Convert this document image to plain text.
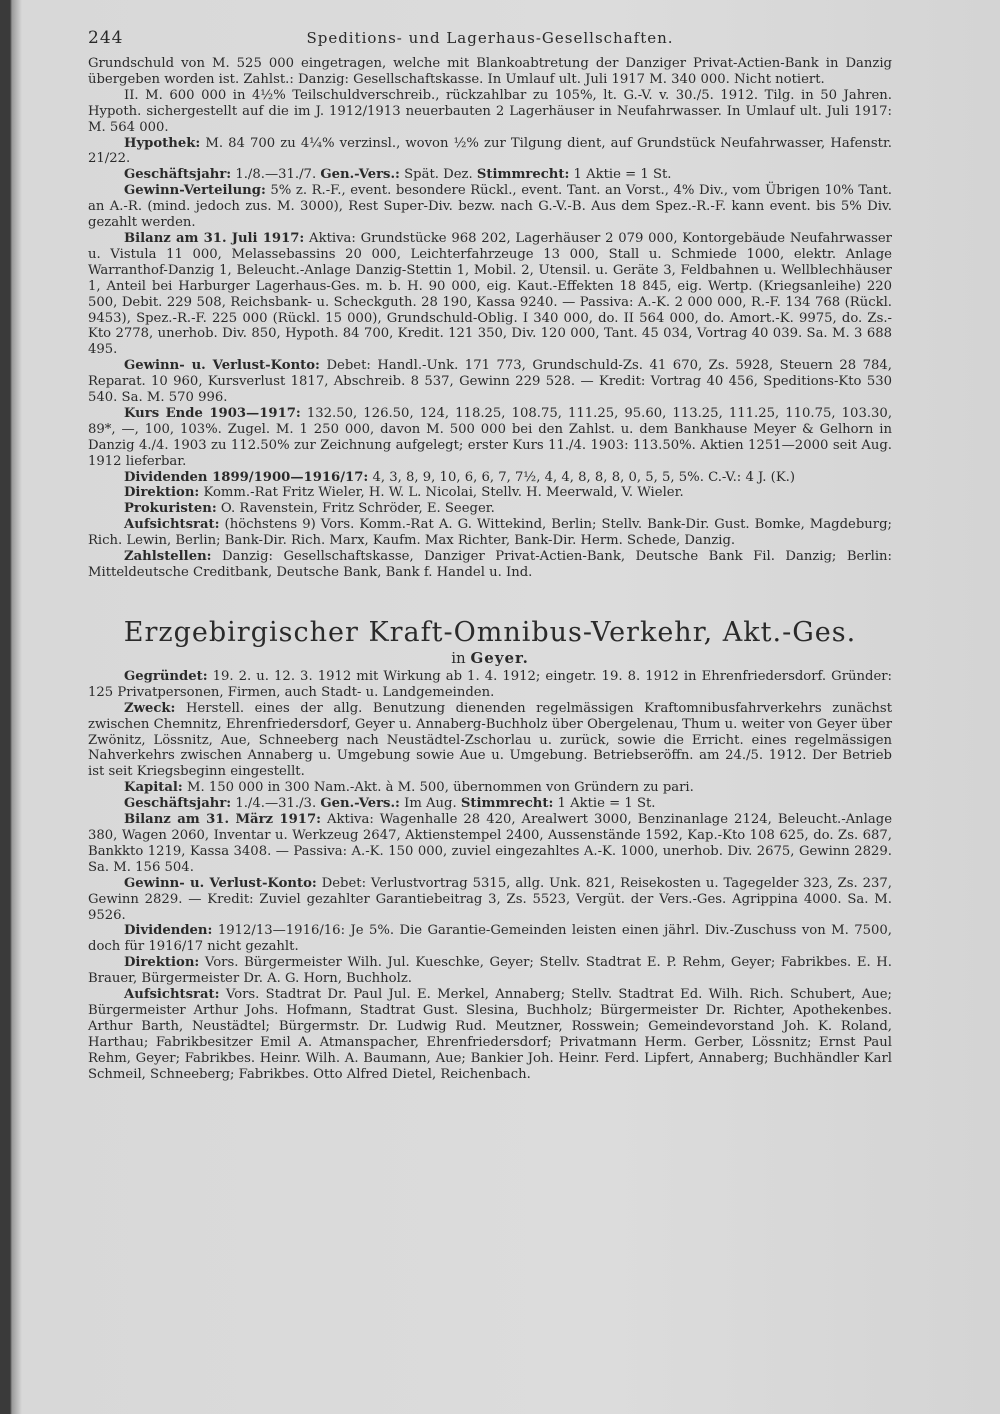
244	Speditions- und Lagerhaus-Gesellschaften.

Grundschuld von M. 525 000 eingetragen, welche mit Blankoabtretung der Danziger Privat-Actien-Bank in Danzig übergeben worden ist. Zahlst.: Danzig: Gesellschaftskasse. In Umlauf ult. Juli 1917 M. 340 000. Nicht notiert.

II. M. 600 000 in 4½% Teilschuldverschreib., rückzahlbar zu 105%, lt. G.-V. v. 30./5. 1912. Tilg. in 50 Jahren. Hypoth. sichergestellt auf die im J. 1912/1913 neuerbauten 2 Lagerhäuser in Neufahrwasser. In Umlauf ult. Juli 1917: M. 564 000.

Hypothek: M. 84 700 zu 4¼% verzinsl., wovon ½% zur Tilgung dient, auf Grundstück Neufahrwasser, Hafenstr. 21/22.

Geschäftsjahr: 1./8.—31./7. Gen.-Vers.: Spät. Dez. Stimmrecht: 1 Aktie = 1 St.

Gewinn-Verteilung: 5% z. R.-F., event. besondere Rückl., event. Tant. an Vorst., 4% Div., vom Übrigen 10% Tant. an A.-R. (mind. jedoch zus. M. 3000), Rest Super-Div. bezw. nach G.-V.-B. Aus dem Spez.-R.-F. kann event. bis 5% Div. gezahlt werden.

Bilanz am 31. Juli 1917: Aktiva: Grundstücke 968 202, Lagerhäuser 2 079 000, Kontorgebäude Neufahrwasser u. Vistula 11 000, Melassebassins 20 000, Leichterfahrzeuge 13 000, Stall u. Schmiede 1000, elektr. Anlage Warranthof-Danzig 1, Beleucht.-Anlage Danzig-Stettin 1, Mobil. 2, Utensil. u. Geräte 3, Feldbahnen u. Wellblechhäuser 1, Anteil bei Harburger Lagerhaus-Ges. m. b. H. 90 000, eig. Kaut.-Effekten 18 845, eig. Wertp. (Kriegsanleihe) 220 500, Debit. 229 508, Reichsbank- u. Scheckguth. 28 190, Kassa 9240. — Passiva: A.-K. 2 000 000, R.-F. 134 768 (Rückl. 9453), Spez.-R.-F. 225 000 (Rückl. 15 000), Grundschuld-Oblig. I 340 000, do. II 564 000, do. Amort.-K. 9975, do. Zs.-Kto 2778, unerhob. Div. 850, Hypoth. 84 700, Kredit. 121 350, Div. 120 000, Tant. 45 034, Vortrag 40 039. Sa. M. 3 688 495.

Gewinn- u. Verlust-Konto: Debet: Handl.-Unk. 171 773, Grundschuld-Zs. 41 670, Zs. 5928, Steuern 28 784, Reparat. 10 960, Kursverlust 1817, Abschreib. 8 537, Gewinn 229 528. — Kredit: Vortrag 40 456, Speditions-Kto 530 540. Sa. M. 570 996.

Kurs Ende 1903—1917: 132.50, 126.50, 124, 118.25, 108.75, 111.25, 95.60, 113.25, 111.25, 110.75, 103.30, 89*, —, 100, 103%. Zugel. M. 1 250 000, davon M. 500 000 bei den Zahlst. u. dem Bankhause Meyer & Gelhorn in Danzig 4./4. 1903 zu 112.50% zur Zeichnung aufgelegt; erster Kurs 11./4. 1903: 113.50%. Aktien 1251—2000 seit Aug. 1912 lieferbar.

Dividenden 1899/1900—1916/17: 4, 3, 8, 9, 10, 6, 6, 7, 7½, 4, 4, 8, 8, 8, 0, 5, 5, 5%. C.-V.: 4 J. (K.)

Direktion: Komm.-Rat Fritz Wieler, H. W. L. Nicolai, Stellv. H. Meerwald, V. Wieler.

Prokuristen: O. Ravenstein, Fritz Schröder, E. Seeger.

Aufsichtsrat: (höchstens 9) Vors. Komm.-Rat A. G. Wittekind, Berlin; Stellv. Bank-Dir. Gust. Bomke, Magdeburg; Rich. Lewin, Berlin; Bank-Dir. Rich. Marx, Kaufm. Max Richter, Bank-Dir. Herm. Schede, Danzig.

Zahlstellen: Danzig: Gesellschaftskasse, Danziger Privat-Actien-Bank, Deutsche Bank Fil. Danzig; Berlin: Mitteldeutsche Creditbank, Deutsche Bank, Bank f. Handel u. Ind.

Erzgebirgischer Kraft-Omnibus-Verkehr, Akt.-Ges.
in Geyer.

Gegründet: 19. 2. u. 12. 3. 1912 mit Wirkung ab 1. 4. 1912; eingetr. 19. 8. 1912 in Ehrenfriedersdorf. Gründer: 125 Privatpersonen, Firmen, auch Stadt- u. Landgemeinden.

Zweck: Herstell. eines der allg. Benutzung dienenden regelmässigen Kraftomnibusfahrverkehrs zunächst zwischen Chemnitz, Ehrenfriedersdorf, Geyer u. Annaberg-Buchholz über Obergelenau, Thum u. weiter von Geyer über Zwönitz, Lössnitz, Aue, Schneeberg nach Neustädtel-Zschorlau u. zurück, sowie die Erricht. eines regelmässigen Nahverkehrs zwischen Annaberg u. Umgebung sowie Aue u. Umgebung. Betriebseröffn. am 24./5. 1912. Der Betrieb ist seit Kriegsbeginn eingestellt.

Kapital: M. 150 000 in 300 Nam.-Akt. à M. 500, übernommen von Gründern zu pari.

Geschäftsjahr: 1./4.—31./3. Gen.-Vers.: Im Aug. Stimmrecht: 1 Aktie = 1 St.

Bilanz am 31. März 1917: Aktiva: Wagenhalle 28 420, Arealwert 3000, Benzinanlage 2124, Beleucht.-Anlage 380, Wagen 2060, Inventar u. Werkzeug 2647, Aktienstempel 2400, Aussenstände 1592, Kap.-Kto 108 625, do. Zs. 687, Bankkto 1219, Kassa 3408. — Passiva: A.-K. 150 000, zuviel eingezahltes A.-K. 1000, unerhob. Div. 2675, Gewinn 2829. Sa. M. 156 504.

Gewinn- u. Verlust-Konto: Debet: Verlustvortrag 5315, allg. Unk. 821, Reisekosten u. Tagegelder 323, Zs. 237, Gewinn 2829. — Kredit: Zuviel gezahlter Garantiebeitrag 3, Zs. 5523, Vergüt. der Vers.-Ges. Agrippina 4000. Sa. M. 9526.

Dividenden: 1912/13—1916/16: Je 5%. Die Garantie-Gemeinden leisten einen jährl. Div.-Zuschuss von M. 7500, doch für 1916/17 nicht gezahlt.

Direktion: Vors. Bürgermeister Wilh. Jul. Kueschke, Geyer; Stellv. Stadtrat E. P. Rehm, Geyer; Fabrikbes. E. H. Brauer, Bürgermeister Dr. A. G. Horn, Buchholz.

Aufsichtsrat: Vors. Stadtrat Dr. Paul Jul. E. Merkel, Annaberg; Stellv. Stadtrat Ed. Wilh. Rich. Schubert, Aue; Bürgermeister Arthur Johs. Hofmann, Stadtrat Gust. Slesina, Buchholz; Bürgermeister Dr. Richter, Apothekenbes. Arthur Barth, Neustädtel; Bürgermstr. Dr. Ludwig Rud. Meutzner, Rosswein; Gemeindevorstand Joh. K. Roland, Harthau; Fabrikbesitzer Emil A. Atmanspacher, Ehrenfriedersdorf; Privatmann Herm. Gerber, Lössnitz; Ernst Paul Rehm, Geyer; Fabrikbes. Heinr. Wilh. A. Baumann, Aue; Bankier Joh. Heinr. Ferd. Lipfert, Annaberg; Buchhändler Karl Schmeil, Schneeberg; Fabrikbes. Otto Alfred Dietel, Reichenbach.
